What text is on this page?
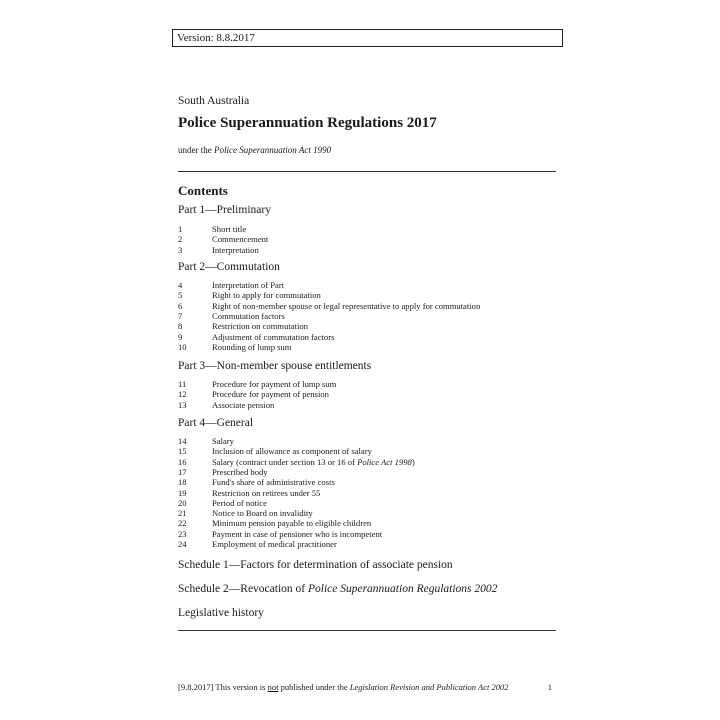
Version: 8.8.2017
South Australia
Police Superannuation Regulations 2017
under the Police Superannuation Act 1990
Contents
Part 1—Preliminary
1	Short title
2	Commencement
3	Interpretation
Part 2—Commutation
4	Interpretation of Part
5	Right to apply for commutation
6	Right of non-member spouse or legal representative to apply for commutation
7	Commutation factors
8	Restriction on commutation
9	Adjustment of commutation factors
10	Rounding of lump sum
Part 3—Non-member spouse entitlements
11	Procedure for payment of lump sum
12	Procedure for payment of pension
13	Associate pension
Part 4—General
14	Salary
15	Inclusion of allowance as component of salary
16	Salary (contract under section 13 or 16 of Police Act 1998)
17	Prescribed body
18	Fund's share of administrative costs
19	Restriction on retirees under 55
20	Period of notice
21	Notice to Board on invalidity
22	Minimum pension payable to eligible children
23	Payment in case of pensioner who is incompetent
24	Employment of medical practitioner
Schedule 1—Factors for determination of associate pension
Schedule 2—Revocation of Police Superannuation Regulations 2002
Legislative history
[9.8.2017] This version is not published under the Legislation Revision and Publication Act 2002	1
